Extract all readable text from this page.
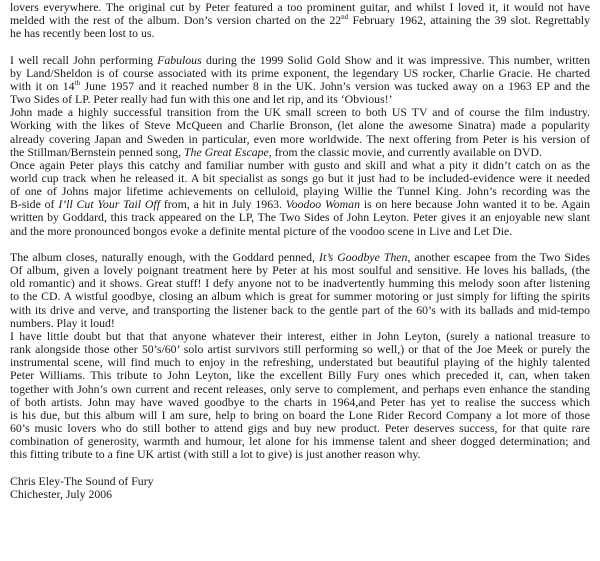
lovers everywhere. The original cut by Peter featured a too prominent guitar, and whilst I loved it, it would not have
melded with the rest of the album. Don’s version charted on the 22nd February 1962, attaining the 39 slot. Regrettably
he has recently been lost to us.

I well recall John performing Fabulous during the 1999 Solid Gold Show and it was impressive. This number, written
by Land/Sheldon is of course associated with its prime exponent, the legendary US rocker, Charlie Gracie. He charted
with it on 14th June 1957 and it reached number 8 in the UK. John’s version was tucked away on a 1963 EP and the
Two Sides of LP. Peter really had fun with this one and let rip, and its ‘Obvious!’
John made a highly successful transition from the UK small screen to both US TV and of course the film industry.
Working with the likes of Steve McQueen and Charlie Bronson, (let alone the awesome Sinatra) made a popularity
already covering Japan and Sweden in particular, even more worldwide. The next offering from Peter is his version of
the Stillman/Bernstein penned song, The Great Escape, from the classic movie, and currently available on DVD.
Once again Peter plays this catchy and familiar number with gusto and skill and what a pity it didn’t catch on as the
world cup track when he released it. A bit specialist as songs go but it just had to be included-evidence were it needed
of one of Johns major lifetime achievements on celluloid, playing Willie the Tunnel King. John’s recording was the
B-side of I’ll Cut Your Tail Off from, a hit in July 1963. Voodoo Woman is on here because John wanted it to be. Again
written by Goddard, this track appeared on the LP, The Two Sides of John Leyton. Peter gives it an enjoyable new slant
and the more pronounced bongos evoke a definite mental picture of the voodoo scene in Live and Let Die.

The album closes, naturally enough, with the Goddard penned, It’s Goodbye Then, another escapee from the Two Sides
Of album, given a lovely poignant treatment here by Peter at his most soulful and sensitive. He loves his ballads, (the
old romantic) and it shows. Great stuff! I defy anyone not to be inadvertently humming this melody soon after listening
to the CD. A wistful goodbye, closing an album which is great for summer motoring or just simply for lifting the spirits
with its drive and verve, and transporting the listener back to the gentle part of the 60’s with its ballads and mid-tempo
numbers. Play it loud!
I have little doubt but that that anyone whatever their interest, either in John Leyton, (surely a national treasure to
rank alongside those other 50’s/60’ solo artist survivors still performing so well,) or that of the Joe Meek or purely the
instrumental scene, will find much to enjoy in the refreshing, understated but beautiful playing of the highly talented
Peter Williams. This tribute to John Leyton, like the excellent Billy Fury ones which preceded it, can, when taken
together with John’s own current and recent releases, only serve to complement, and perhaps even enhance the standing
of both artists. John may have waved goodbye to the charts in 1964,and Peter has yet to realise the success which
is his due, but this album will I am sure, help to bring on board the Lone Rider Record Company a lot more of those
60’s music lovers who do still bother to attend gigs and buy new product. Peter deserves success, for that quite rare
combination of generosity, warmth and humour, let alone for his immense talent and sheer dogged determination; and
this fitting tribute to a fine UK artist (with still a lot to give) is just another reason why.

Chris Eley-The Sound of Fury
Chichester, July 2006
